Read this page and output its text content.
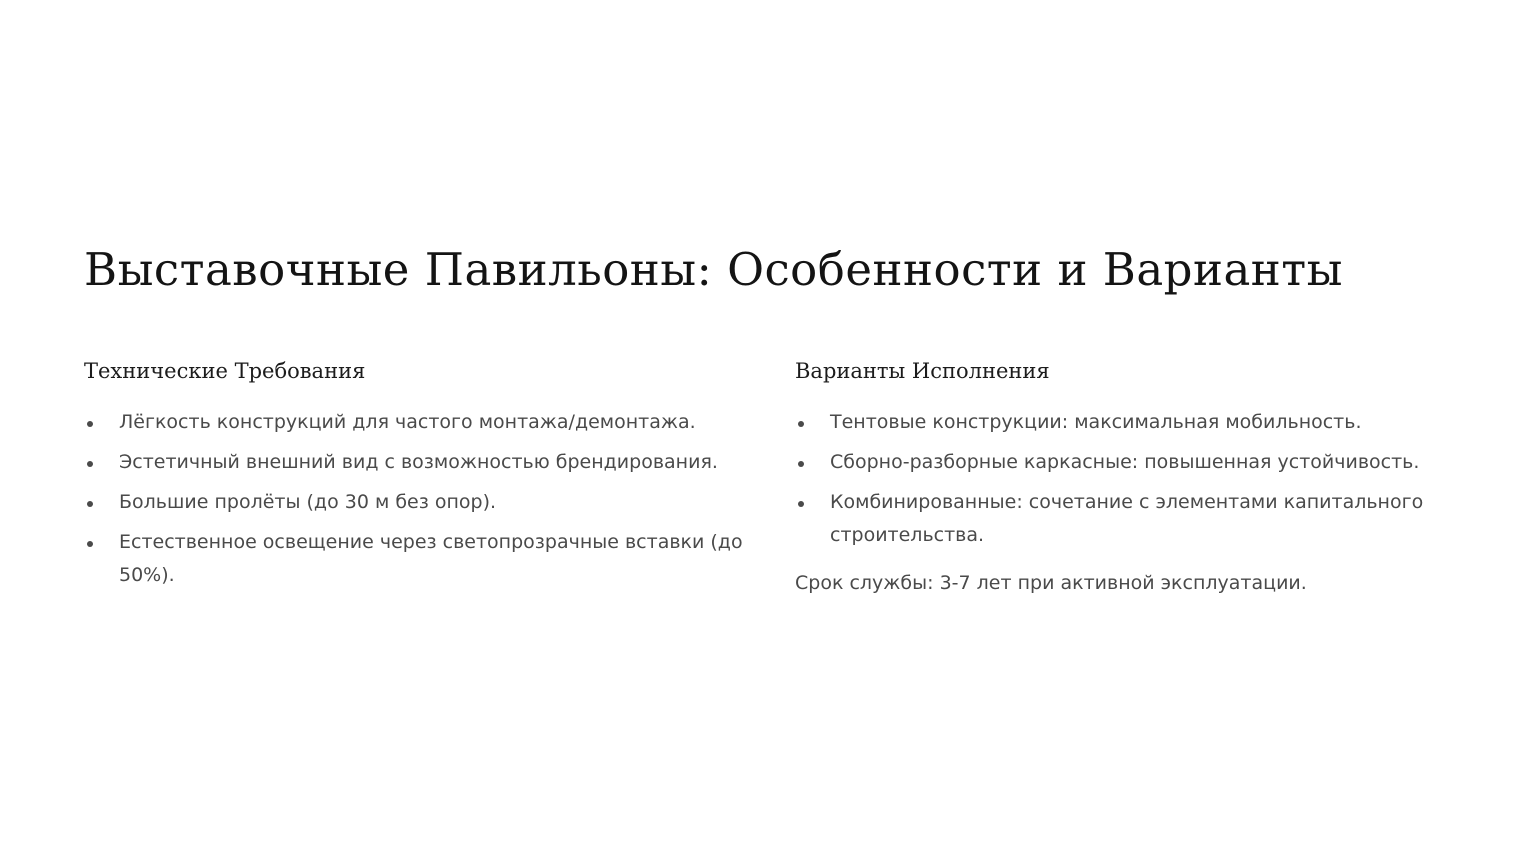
Выставочные Павильоны: Особенности и Варианты
Технические Требования
Лёгкость конструкций для частого монтажа/демонтажа.
Эстетичный внешний вид с возможностью брендирования.
Большие пролёты (до 30 м без опор).
Естественное освещение через светопрозрачные вставки (до 50%).
Варианты Исполнения
Тентовые конструкции: максимальная мобильность.
Сборно-разборные каркасные: повышенная устойчивость.
Комбинированные: сочетание с элементами капитального строительства.

Срок службы: 3-7 лет при активной эксплуатации.
